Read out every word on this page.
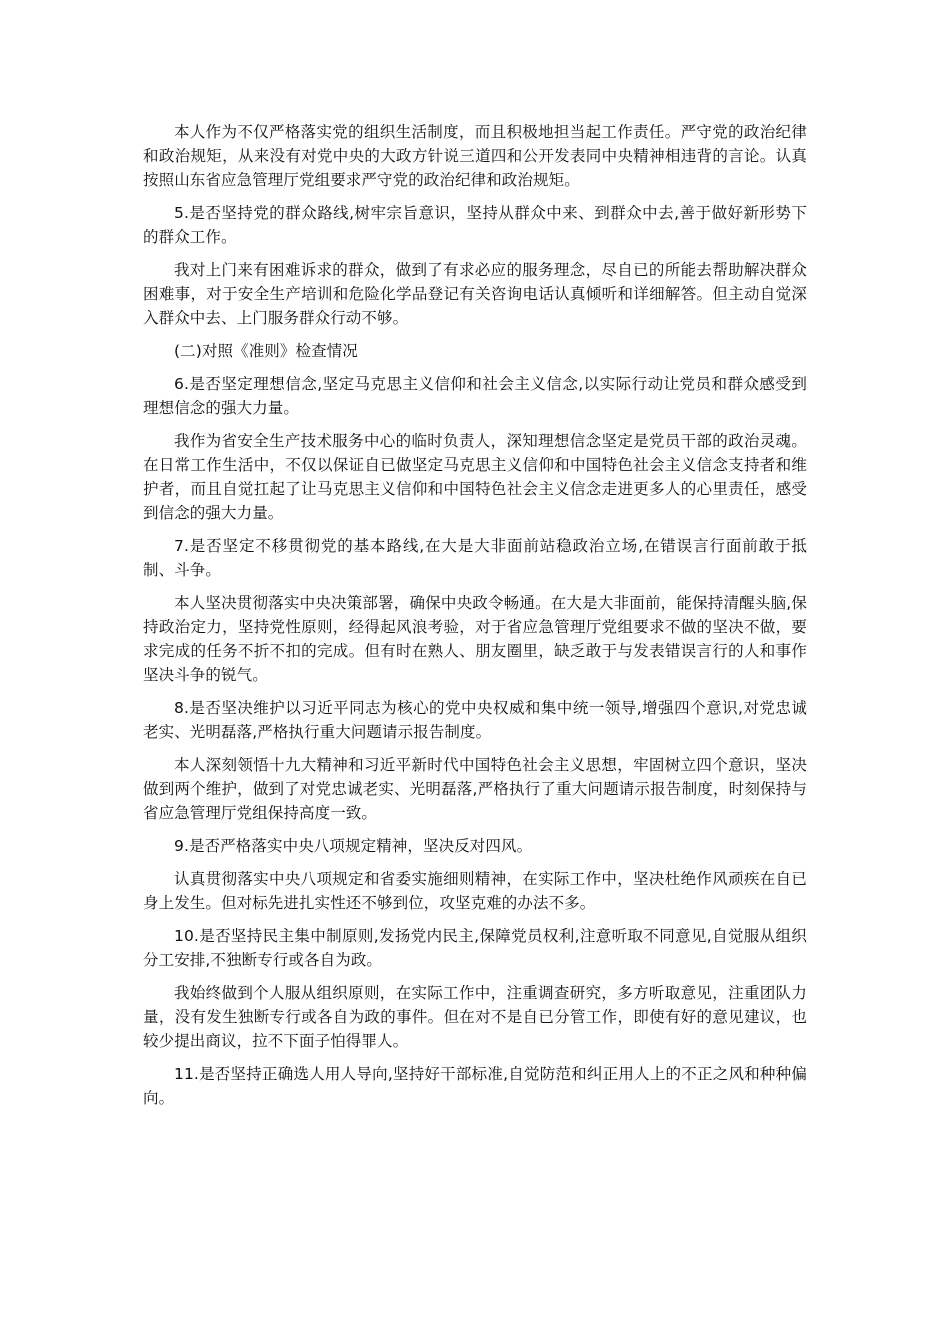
本人作为不仅严格落实党的组织生活制度，而且积极地担当起工作责任。严守党的政治纪律和政治规矩，从来没有对党中央的大政方针说三道四和公开发表同中央精神相违背的言论。认真按照山东省应急管理厅党组要求严守党的政治纪律和政治规矩。

5.是否坚持党的群众路线,树牢宗旨意识，坚持从群众中来、到群众中去,善于做好新形势下的群众工作。

我对上门来有困难诉求的群众，做到了有求必应的服务理念，尽自已的所能去帮助解决群众困难事，对于安全生产培训和危险化学品登记有关咨询电话认真倾听和详细解答。但主动自觉深入群众中去、上门服务群众行动不够。

(二)对照《准则》检查情况

6.是否坚定理想信念,坚定马克思主义信仰和社会主义信念,以实际行动让党员和群众感受到理想信念的强大力量。

我作为省安全生产技术服务中心的临时负责人，深知理想信念坚定是党员干部的政治灵魂。在日常工作生活中，不仅以保证自已做坚定马克思主义信仰和中国特色社会主义信念支持者和维护者，而且自觉扛起了让马克思主义信仰和中国特色社会主义信念走进更多人的心里责任，感受到信念的强大力量。

7.是否坚定不移贯彻党的基本路线,在大是大非面前站稳政治立场,在错误言行面前敢于抵制、斗争。

本人坚决贯彻落实中央决策部署，确保中央政令畅通。在大是大非面前，能保持清醒头脑,保持政治定力，坚持党性原则，经得起风浪考验，对于省应急管理厅党组要求不做的坚决不做，要求完成的任务不折不扣的完成。但有时在熟人、朋友圈里，缺乏敢于与发表错误言行的人和事作坚决斗争的锐气。

8.是否坚决维护以习近平同志为核心的党中央权威和集中统一领导,增强四个意识,对党忠诚老实、光明磊落,严格执行重大问题请示报告制度。

本人深刻领悟十九大精神和习近平新时代中国特色社会主义思想，牢固树立四个意识，坚决做到两个维护，做到了对党忠诚老实、光明磊落,严格执行了重大问题请示报告制度，时刻保持与省应急管理厅党组保持高度一致。

9.是否严格落实中央八项规定精神，坚决反对四风。

认真贯彻落实中央八项规定和省委实施细则精神，在实际工作中，坚决杜绝作风顽疾在自已身上发生。但对标先进扎实性还不够到位，攻坚克难的办法不多。

10.是否坚持民主集中制原则,发扬党内民主,保障党员权利,注意听取不同意见,自觉服从组织分工安排,不独断专行或各自为政。

我始终做到个人服从组织原则，在实际工作中，注重调查研究，多方听取意见，注重团队力量，没有发生独断专行或各自为政的事件。但在对不是自已分管工作，即使有好的意见建议，也较少提出商议，拉不下面子怕得罪人。

11.是否坚持正确选人用人导向,坚持好干部标准,自觉防范和纠正用人上的不正之风和种种偏向。
